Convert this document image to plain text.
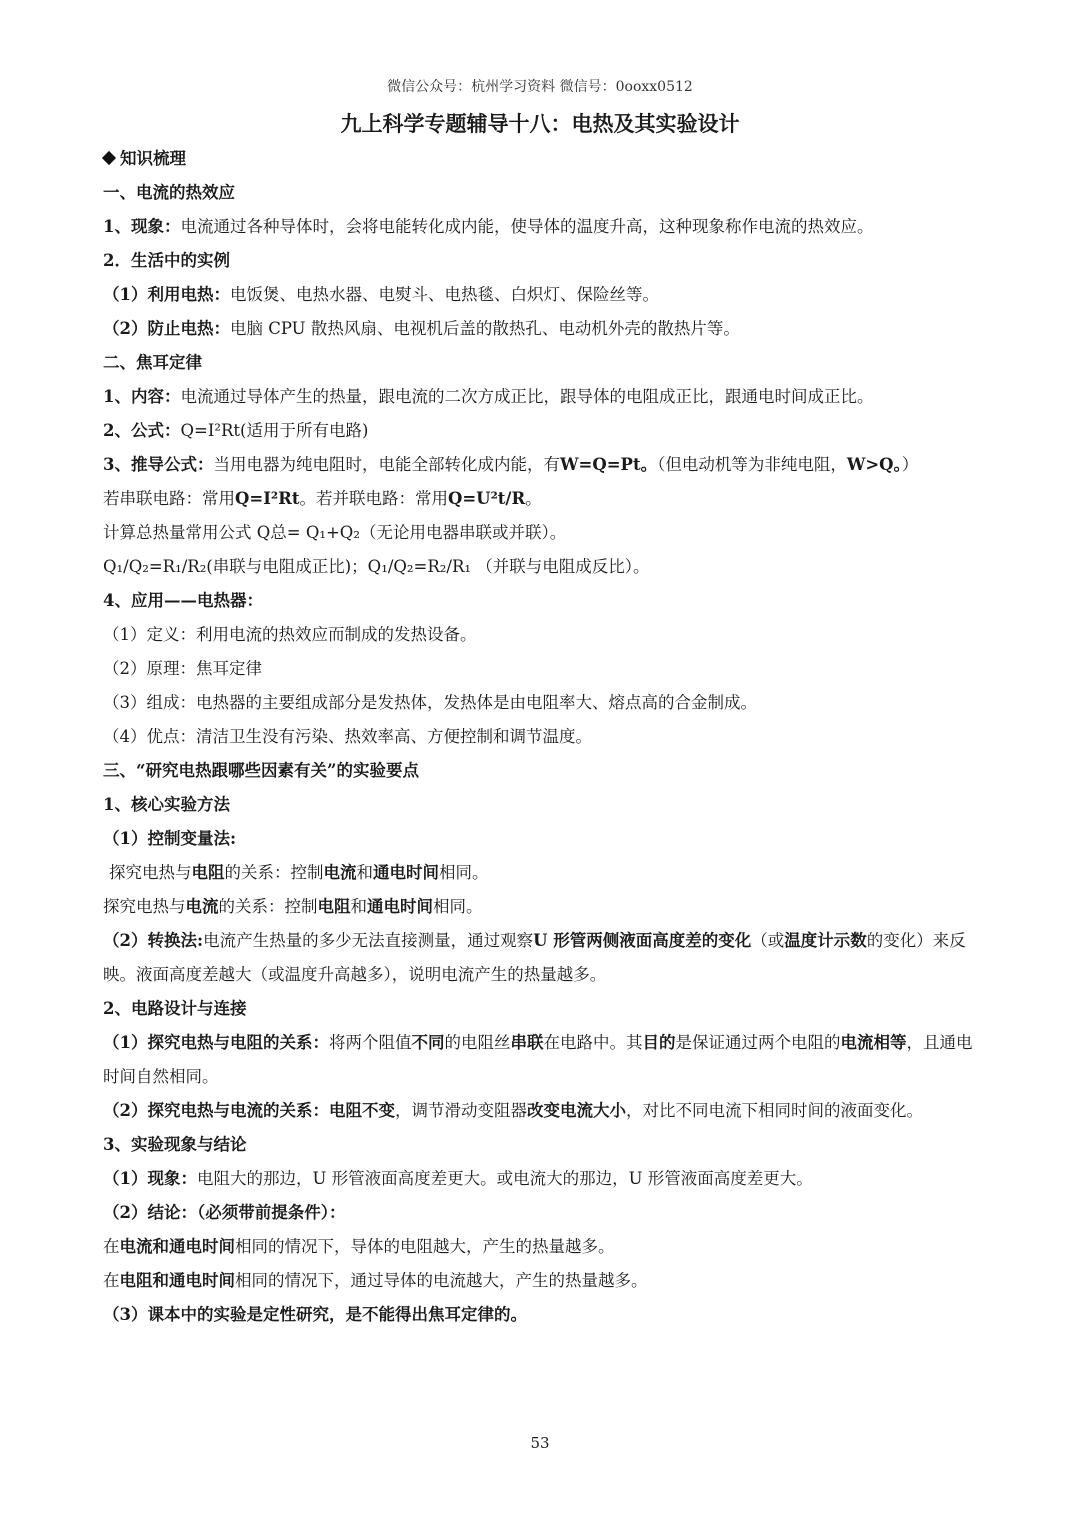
微信公众号：杭州学习资料 微信号：0ooxx0512
九上科学专题辅导十八：电热及其实验设计
知识梳理
一、电流的热效应
1、现象：电流通过各种导体时，会将电能转化成内能，使导体的温度升高，这种现象称作电流的热效应。
2．生活中的实例
（1）利用电热：电饭煲、电热水器、电熨斗、电热毯、白炽灯、保险丝等。
（2）防止电热：电脑 CPU 散热风扇、电视机后盖的散热孔、电动机外壳的散热片等。
二、焦耳定律
1、内容：电流通过导体产生的热量，跟电流的二次方成正比，跟导体的电阻成正比，跟通电时间成正比。
2、公式：Q=I²Rt(适用于所有电路)
3、推导公式：当用电器为纯电阻时，电能全部转化成内能，有W=Q=Pt。（但电动机等为非纯电阻，W>Q。）
若串联电路：常用Q=I²Rt。若并联电路：常用Q=U²t/R。
计算总热量常用公式 Q总= Q₁+Q₂（无论用电器串联或并联）。
Q₁/Q₂=R₁/R₂(串联与电阻成正比)；Q₁/Q₂=R₂/R₁ （并联与电阻成反比）。
4、应用——电热器：
（1）定义：利用电流的热效应而制成的发热设备。
（2）原理：焦耳定律
（3）组成：电热器的主要组成部分是发热体，发热体是由电阻率大、熔点高的合金制成。
（4）优点：清洁卫生没有污染、热效率高、方便控制和调节温度。
三、“研究电热跟哪些因素有关”的实验要点
1、核心实验方法
（1）控制变量法:
探究电热与电阻的关系：控制电流和通电时间相同。
探究电热与电流的关系：控制电阻和通电时间相同。
（2）转换法:电流产生热量的多少无法直接测量，通过观察U 形管两侧液面高度差的变化（或温度计示数的变化）来反映。液面高度差越大（或温度升高越多），说明电流产生的热量越多。
2、电路设计与连接
（1）探究电热与电阻的关系：将两个阻值不同的电阻丝串联在电路中。其目的是保证通过两个电阻的电流相等，且通电时间自然相同。
（2）探究电热与电流的关系：电阻不变，调节滑动变阻器改变电流大小，对比不同电流下相同时间的液面变化。
3、实验现象与结论
（1）现象：电阻大的那边，U 形管液面高度差更大。或电流大的那边，U 形管液面高度差更大。
（2）结论：（必须带前提条件）：
在电流和通电时间相同的情况下，导体的电阻越大，产生的热量越多。
在电阻和通电时间相同的情况下，通过导体的电流越大，产生的热量越多。
（3）课本中的实验是定性研究，是不能得出焦耳定律的。
53
